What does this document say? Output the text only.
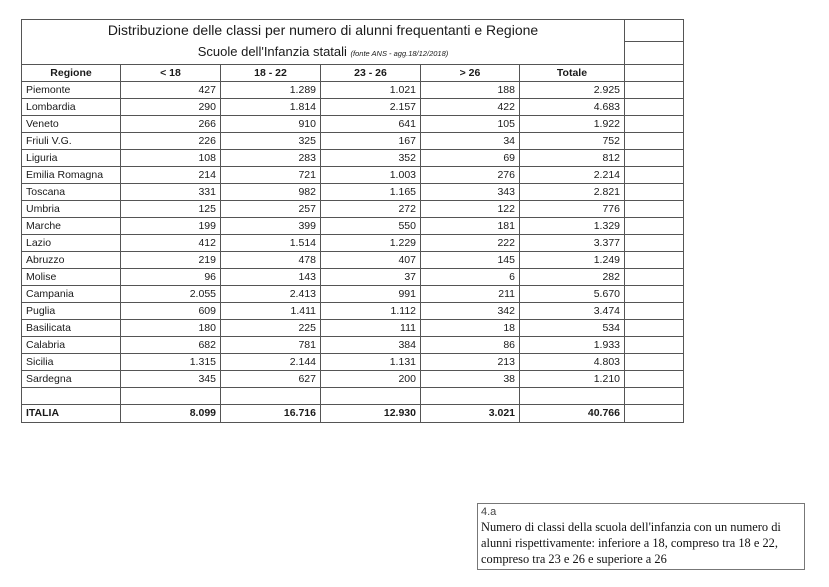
Distribuzione delle classi per numero di alunni frequentanti e Regione						
Scuole dell'Infanzia statali (fonte ANS - agg.18/12/2018)						
Regione	< 18	18 - 22	23 - 26	> 26	Totale	
Piemonte	427	1.289	1.021	188	2.925	
Lombardia	290	1.814	2.157	422	4.683	
Veneto	266	910	641	105	1.922	
Friuli V.G.	226	325	167	34	752	
Liguria	108	283	352	69	812	
Emilia Romagna	214	721	1.003	276	2.214	
Toscana	331	982	1.165	343	2.821	
Umbria	125	257	272	122	776	
Marche	199	399	550	181	1.329	
Lazio	412	1.514	1.229	222	3.377	
Abruzzo	219	478	407	145	1.249	
Molise	96	143	37	6	282	
Campania	2.055	2.413	991	211	5.670	
Puglia	609	1.411	1.112	342	3.474	
Basilicata	180	225	111	18	534	
Calabria	682	781	384	86	1.933	
Sicilia	1.315	2.144	1.131	213	4.803	
Sardegna	345	627	200	38	1.210	

ITALIA	8.099	16.716	12.930	3.021	40.766	
4.a
Numero di classi della scuola dell'infanzia con un numero di alunni rispettivamente: inferiore a 18, compreso tra 18 e 22, compreso tra 23 e 26 e superiore a 26
